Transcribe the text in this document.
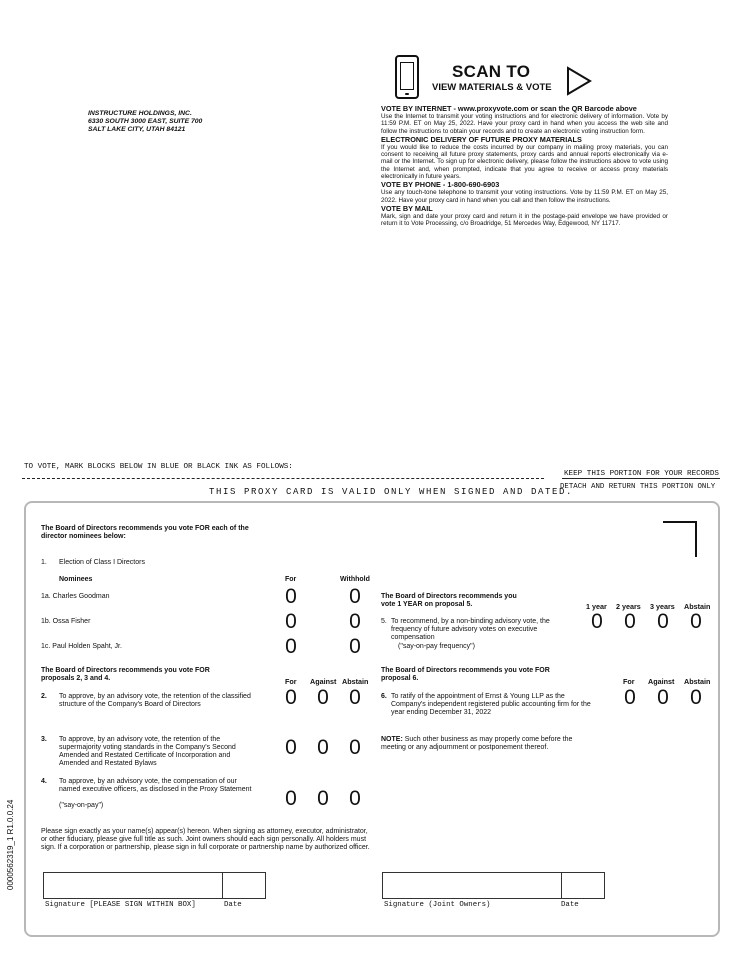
INSTRUCTURE HOLDINGS, INC.
6330 SOUTH 3000 EAST, SUITE 700
SALT LAKE CITY, UTAH 84121
SCAN TO
VIEW MATERIALS & VOTE
VOTE BY INTERNET - www.proxyvote.com or scan the QR Barcode above

Use the Internet to transmit your voting instructions and for electronic delivery of information. Vote by 11:59 P.M. ET on May 25, 2022. Have your proxy card in hand when you access the web site and follow the instructions to obtain your records and to create an electronic voting instruction form.

ELECTRONIC DELIVERY OF FUTURE PROXY MATERIALS

If you would like to reduce the costs incurred by our company in mailing proxy materials, you can consent to receiving all future proxy statements, proxy cards and annual reports electronically via e-mail or the Internet. To sign up for electronic delivery, please follow the instructions above to vote using the Internet and, when prompted, indicate that you agree to receive or access proxy materials electronically in future years.

VOTE BY PHONE - 1-800-690-6903

Use any touch-tone telephone to transmit your voting instructions. Vote by 11:59 P.M. ET on May 25, 2022. Have your proxy card in hand when you call and then follow the instructions.

VOTE BY MAIL

Mark, sign and date your proxy card and return it in the postage-paid envelope we have provided or return it to Vote Processing, c/o Broadridge, 51 Mercedes Way, Edgewood, NY 11717.

TO VOTE, MARK BLOCKS BELOW IN BLUE OR BLACK INK AS FOLLOWS:
KEEP THIS PORTION FOR YOUR RECORDS
DETACH AND RETURN THIS PORTION ONLY
THIS PROXY CARD IS VALID ONLY WHEN SIGNED AND DATED.
The Board of Directors recommends you vote FOR each of the director nominees below:
1. Election of Class I Directors
Nominees	For	Withhold
1a. Charles Goodman	0 0
1b. Ossa Fisher	0 0
1c. Paul Holden Spaht, Jr.	0 0
The Board of Directors recommends you vote 1 YEAR on proposal 5.	1 year 2 years 3 years Abstain
5. To recommend, by a non-binding advisory vote, the frequency of future advisory votes on executive compensation
("say-on-pay frequency")
0 0 0 0
The Board of Directors recommends you vote FOR proposals 2, 3 and 4.	For Against Abstain
The Board of Directors recommends you vote FOR proposal 6.	For Against Abstain
2. To approve, by an advisory vote, the retention of the classified structure of the Company's Board of Directors	0 0 0	6. To ratify of the appointment of Ernst & Young LLP as the Company's independent registered public accounting firm for the year ending December 31, 2022
0 0 0
3. To approve, by an advisory vote, the retention of the supermajority voting standards in the Company's Second Amended and Restated Certificate of Incorporation and Amended and Restated Bylaws
0 0 0	NOTE: Such other business as may properly come before the meeting or any adjournment or postponement thereof.
4. To approve, by an advisory vote, the compensation of our named executive officers, as disclosed in the Proxy Statement
("say-on-pay")	0 0 0
Please sign exactly as your name(s) appear(s) hereon. When signing as attorney, executor, administrator, or other fiduciary, please give full title as such. Joint owners should each sign personally. All holders must sign. If a corporation or partnership, please sign in full corporate or partnership name by authorized officer.
Signature [PLEASE SIGN WITHIN BOX]	Date	Signature (Joint Owners)	Date
0000562319_1 R1.0.0.24
